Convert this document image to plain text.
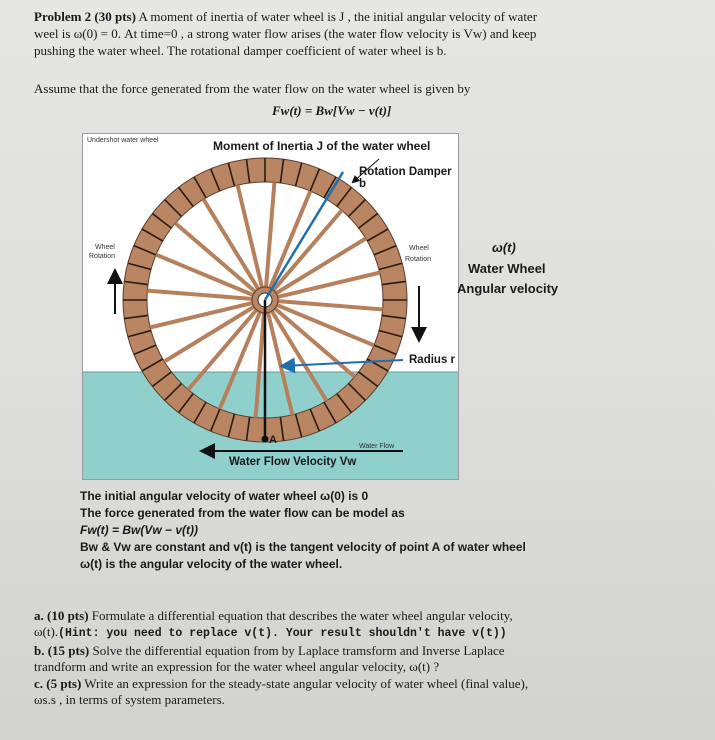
Problem 2 (30 pts) A moment of inertia of water wheel is J , the initial angular velocity of water
weel is ω(0) = 0. At time=0 , a strong water flow arises (the water flow velocity is Vw) and keep
pushing the water wheel. The rotational damper coefficient of water wheel is b.
Assume that the force generated from the water flow on the water wheel is given by
Fw(t) = Bw[Vw − v(t)]
Undershot water wheel	Moment of Inertia J of the water wheel
Rotation Damper b
Wheel
Rotation
Wheel
Rotation
Radius r
A
Water Flow
Water Flow Velocity Vw
ω(t)
Water Wheel
Angular velocity
The initial angular velocity of water wheel ω(0) is 0
The force generated from the water flow can be model as
Fw(t) = Bw(Vw − v(t))
Bw & Vw are constant and v(t) is the tangent velocity of point A of water wheel
ω(t) is the angular velocity of the water wheel.
a. (10 pts) Formulate a differential equation that describes the water wheel angular velocity,
ω(t).(Hint: you need to replace v(t). Your result shouldn't have v(t))
b. (15 pts) Solve the differential equation from by Laplace tramsform and Inverse Laplace
trandform and write an expression for the water wheel angular velocity, ω(t) ?
c. (5 pts) Write an expression for the steady-state angular velocity of water wheel (final value),
ωs.s , in terms of system parameters.
